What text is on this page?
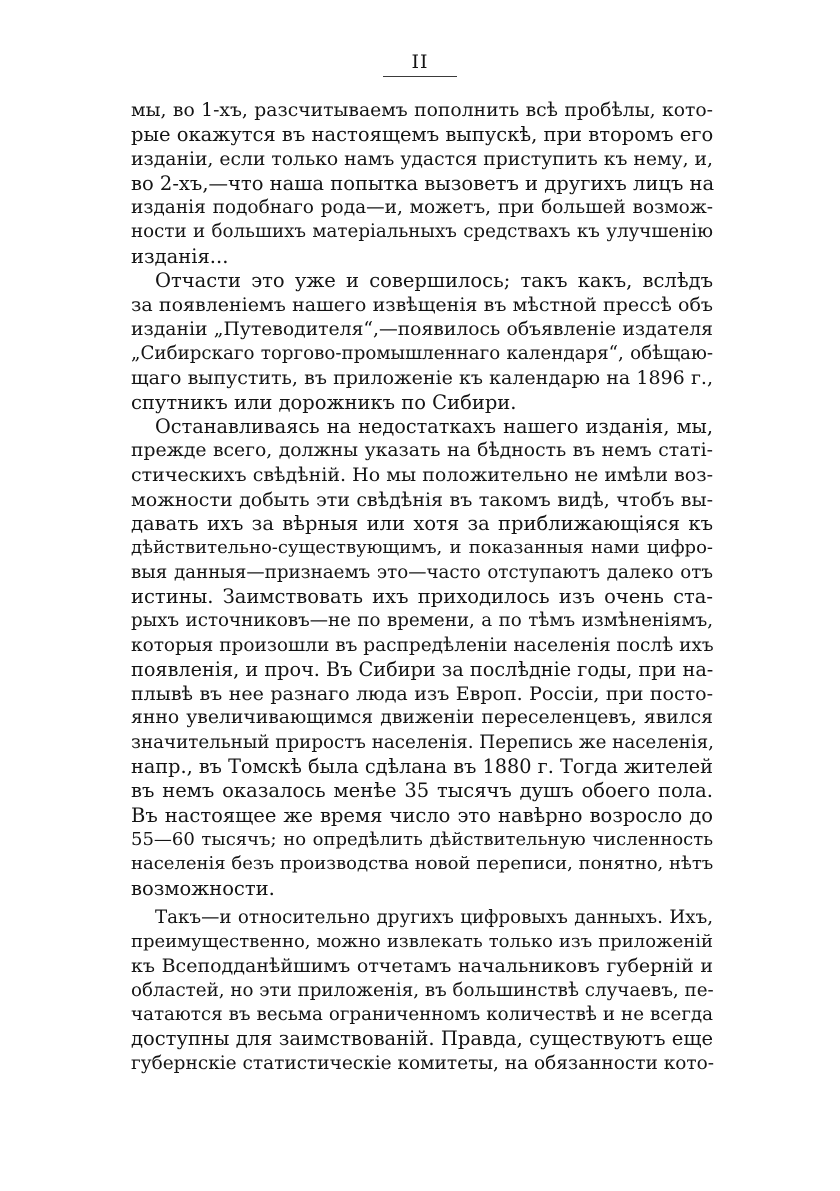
II
мы, во 1-хъ, разсчитываемъ пополнить всѣ пробѣлы, кото-
рые окажутся въ настоящемъ выпускѣ, при второмъ его
изданіи, если только намъ удастся приступить къ нему, и,
во 2-хъ,—что наша попытка вызоветъ и другихъ лицъ на
изданія подобнаго рода—и, можетъ, при большей возмож-
ности и большихъ матеріальныхъ средствахъ къ улучшенію
изданія...
Отчасти это уже и совершилось; такъ какъ, вслѣдъ
за появленіемъ нашего извѣщенія въ мѣстной прессѣ объ
изданіи „Путеводителя“,—появилось объявленіе издателя
„Сибирскаго торгово-промышленнаго календаря“, обѣщаю-
щаго выпустить, въ приложеніе къ календарю на 1896 г.,
спутникъ или дорожникъ по Сибири.
Останавливаясь на недостаткахъ нашего изданія, мы,
прежде всего, должны указать на бѣдность въ немъ статі-
стическихъ свѣдѣній. Но мы положительно не имѣли воз-
можности добыть эти свѣдѣнія въ такомъ видѣ, чтобъ вы-
давать ихъ за вѣрныя или хотя за приближающіяся къ
дѣйствительно-существующимъ, и показанныя нами цифро-
выя данныя—признаемъ это—часто отступаютъ далеко отъ
истины. Заимствовать ихъ приходилось изъ очень ста-
рыхъ источниковъ—не по времени, а по тѣмъ измѣненіямъ,
которыя произошли въ распредѣленіи населенія послѣ ихъ
появленія, и проч. Въ Сибири за послѣдніе годы, при на-
плывѣ въ нее разнаго люда изъ Европ. Россіи, при посто-
янно увеличивающимся движеніи переселенцевъ, явился
значительный приростъ населенія. Перепись же населенія,
напр., въ Томскѣ была сдѣлана въ 1880 г. Тогда жителей
въ немъ оказалось менѣе 35 тысячъ душъ обоего пола.
Въ настоящее же время число это навѣрно возросло до
55—60 тысячъ; но опредѣлить дѣйствительную численность
населенія безъ производства новой переписи, понятно, нѣтъ
возможности.
Такъ—и относительно другихъ цифровыхъ данныхъ. Ихъ,
преимущественно, можно извлекать только изъ приложеній
къ Всеподданѣйшимъ отчетамъ начальниковъ губерній и
областей, но эти приложенія, въ большинствѣ случаевъ, пе-
чатаются въ весьма ограниченномъ количествѣ и не всегда
доступны для заимствованій. Правда, существуютъ еще
губернскіе статистическіе комитеты, на обязанности кото-
